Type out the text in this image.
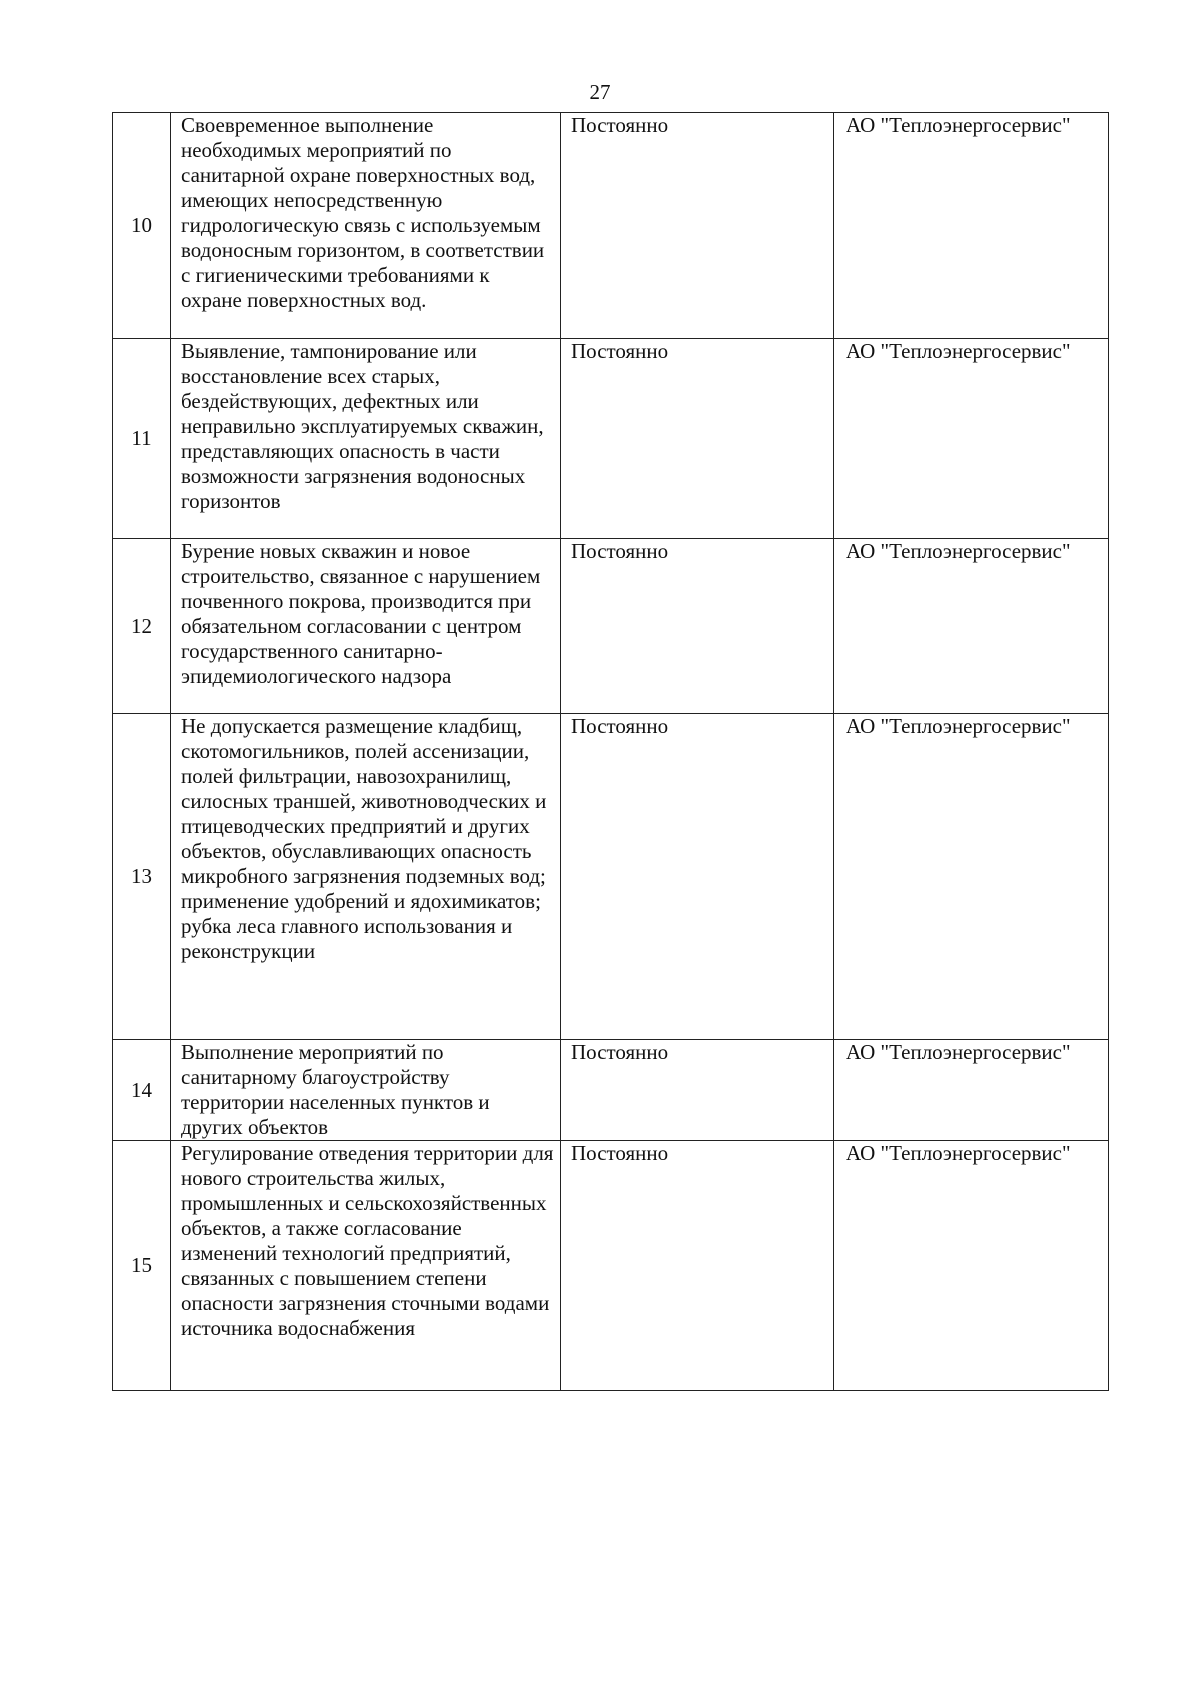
27
10	Своевременное выполнение необходимых мероприятий по санитарной охране поверхностных вод, имеющих непосредственную гидрологическую связь с используемым водоносным горизонтом, в соответствии с гигиеническими требованиями к охране поверхностных вод.	Постоянно	АО "Теплоэнергосервис"
11	Выявление, тампонирование или восстановление всех старых, бездействующих, дефектных или неправильно эксплуатируемых скважин, представляющих опасность в части возможности загрязнения водоносных горизонтов	Постоянно	АО "Теплоэнергосервис"
12	Бурение новых скважин и новое строительство, связанное с нарушением почвенного покрова, производится при обязательном согласовании с центром государственного санитарно-эпидемиологического надзора	Постоянно	АО "Теплоэнергосервис"
13	Не допускается размещение кладбищ, скотомогильников, полей ассенизации, полей фильтрации, навозохранилищ, силосных траншей, животноводческих и птицеводческих предприятий и других объектов, обуславливающих опасность микробного загрязнения подземных вод; применение удобрений и ядохимикатов; рубка леса главного использования и реконструкции	Постоянно	АО "Теплоэнергосервис"
14	Выполнение мероприятий по санитарному благоустройству территории населенных пунктов и других объектов	Постоянно	АО "Теплоэнергосервис"
15	Регулирование отведения территории для нового строительства жилых, промышленных и сельскохозяйственных объектов, а также согласование изменений технологий предприятий, связанных с повышением степени опасности загрязнения сточными водами источника водоснабжения	Постоянно	АО "Теплоэнергосервис"
